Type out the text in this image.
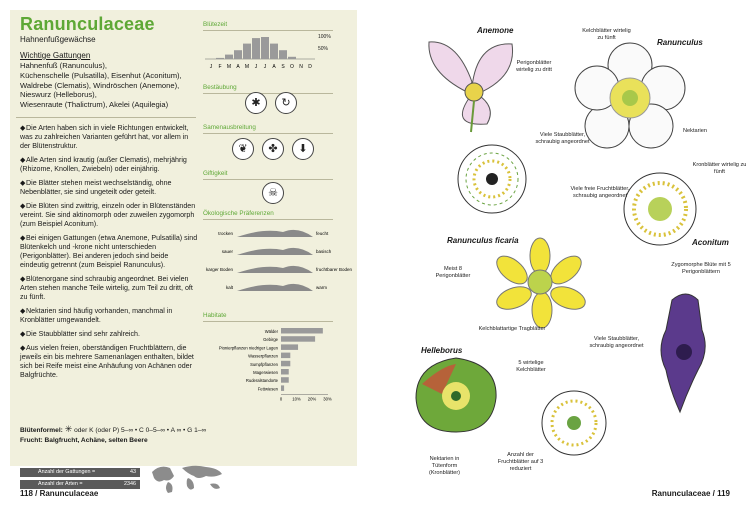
Ranunculaceae
Hahnenfußgewächse
Wichtige Gattungen
Hahnenfuß (Ranunculus),
Küchenschelle (Pulsatilla), Eisenhut (Aconitum),
Waldrebe (Clematis), Windröschen (Anemone),
Nieswurz (Helleborus),
Wiesenraute (Thalictrum), Akelei (Aquilegia)
◆Die Arten haben sich in viele Richtungen entwickelt, was zu zahlreichen Varianten geführt hat, vor allem in der Blütenstruktur.
◆Alle Arten sind krautig (außer Clematis), mehrjährig (Rhizome, Knollen, Zwiebeln) oder einjährig.
◆Die Blätter stehen meist wechselständig, ohne Nebenblätter, sie sind ungeteilt oder geteilt.
◆Die Blüten sind zwittrig, einzeln oder in Blütenständen vereint. Sie sind aktinomorph oder zuweilen zygomorph (zum Beispiel Aconitum).
◆Bei einigen Gattungen (etwa Anemone, Pulsatilla) sind Blütenkelch und -krone nicht unterschieden (Perigonblätter). Bei anderen jedoch sind beide eindeutig getrennt (zum Beispiel Ranunculus).
◆Blütenorgane sind schraubig angeordnet. Bei vielen Arten stehen manche Teile wirtelig, zum Teil zu dritt, oft zu fünft.
◆Nektarien sind häufig vorhanden, manchmal in Kronblätter umgewandelt.
◆Die Staubblätter sind sehr zahlreich.
◆Aus vielen freien, oberständigen Fruchtblättern, die jeweils ein bis mehrere Samenanlagen enthalten, bildet sich bei Reife meist eine Anhäufung von Achänen oder Balgfrüchte.
Blütenformel: ✳ oder K (oder P) 5–∞ • C 0–5–∞ • A ∞ • G 1–∞
Frucht: Balgfrucht, Achäne, selten Beere
Blütezeit
J F M A M J J A S O N D
100%
50%
Bestäubung
✱	↻
Samenausbreitung
❦	✤	⬇
Giftigkeit
☠
Ökologische Präferenzen
trocken	feucht
sauer	basisch
karger Boden	fruchtbarer Boden
kalt	warm
Habitate
Wälder
Gebirge
Pionierpflanzen niedriger Lagen
Wasserpflanzen
Sumpfpflanzen
Magerwiesen
Ruderalstandorte
Fettwiesen
0 10% 20% 30%
Anzahl der Gattungen =	43
Anzahl der Arten =	2346
118 / Ranunculaceae
Anemone
Perigonblätter wirtelig zu dritt
Ranunculus
Kelchblätter wirtelig zu fünft
Nektarien
Kronblätter wirtelig zu fünft
Viele Staubblätter, schraubig angeordnet
Viele freie Fruchtblätter, schraubig angeordnet
Ranunculus ficaria
Meist 8 Perigonblätter
Kelchblattartige Tragblätter
Aconitum
Zygomorphe Blüte mit 5 Perigonblättern
Viele Staubblätter, schraubig angeordnet
Helleborus
5 wirtelige Kelchblätter
Nektarien in Tütenform (Kronblätter)
Anzahl der Fruchtblätter auf 3 reduziert
Ranunculaceae / 119
